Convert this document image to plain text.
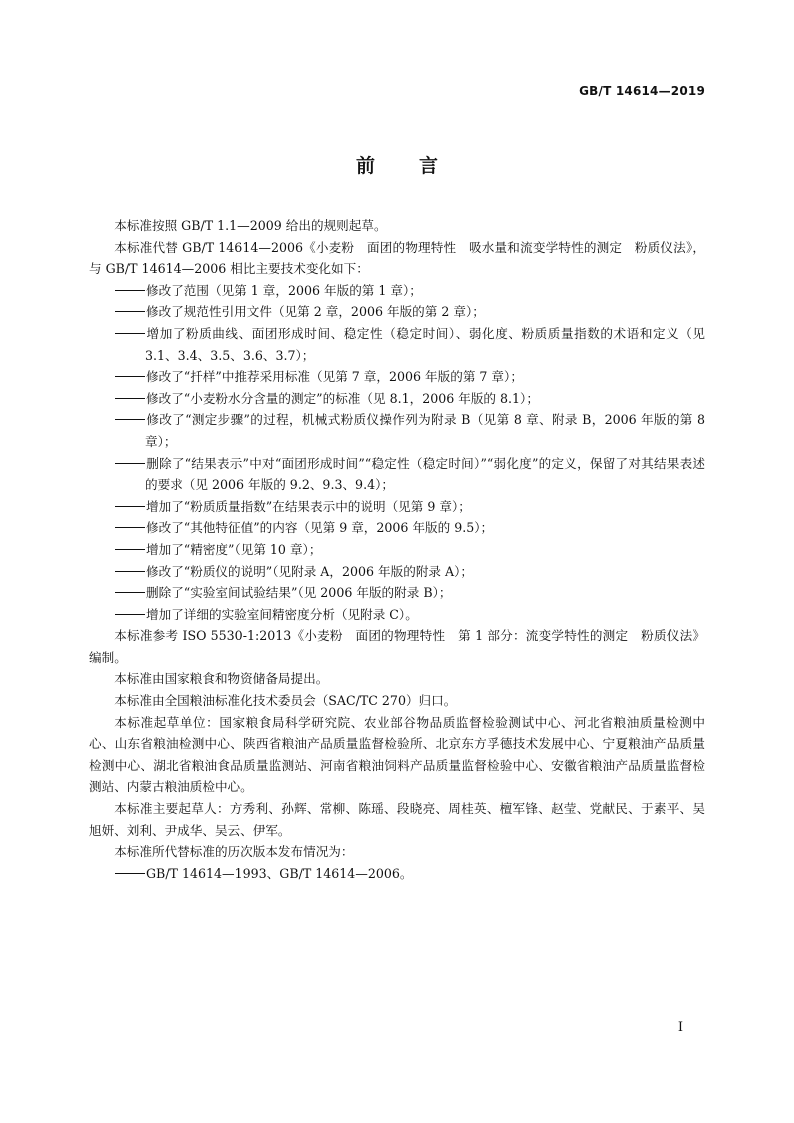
GB/T 14614—2019
前言

本标准按照 GB/T 1.1—2009 给出的规则起草。

本标准代替 GB/T 14614—2006《小麦粉　面团的物理特性　吸水量和流变学特性的测定　粉质仪法》，与 GB/T 14614—2006 相比主要技术变化如下：

修改了范围（见第 1 章，2006 年版的第 1 章）；

修改了规范性引用文件（见第 2 章，2006 年版的第 2 章）；

增加了粉质曲线、面团形成时间、稳定性（稳定时间）、弱化度、粉质质量指数的术语和定义（见 3.1、3.4、3.5、3.6、3.7）；

修改了“扦样”中推荐采用标准（见第 7 章，2006 年版的第 7 章）；

修改了“小麦粉水分含量的测定”的标准（见 8.1，2006 年版的 8.1）；

修改了“测定步骤”的过程，机械式粉质仪操作列为附录 B（见第 8 章、附录 B，2006 年版的第 8 章）；

删除了“结果表示”中对“面团形成时间”“稳定性（稳定时间）”“弱化度”的定义，保留了对其结果表述的要求（见 2006 年版的 9.2、9.3、9.4）；

增加了“粉质质量指数”在结果表示中的说明（见第 9 章）；

修改了“其他特征值”的内容（见第 9 章，2006 年版的 9.5）；

增加了“精密度”（见第 10 章）；

修改了“粉质仪的说明”（见附录 A，2006 年版的附录 A）；

删除了“实验室间试验结果”（见 2006 年版的附录 B）；

增加了详细的实验室间精密度分析（见附录 C）。

本标准参考 ISO 5530-1:2013《小麦粉　面团的物理特性　第 1 部分：流变学特性的测定　粉质仪法》编制。

本标准由国家粮食和物资储备局提出。

本标准由全国粮油标准化技术委员会（SAC/TC 270）归口。

本标准起草单位：国家粮食局科学研究院、农业部谷物品质监督检验测试中心、河北省粮油质量检测中心、山东省粮油检测中心、陕西省粮油产品质量监督检验所、北京东方孚德技术发展中心、宁夏粮油产品质量检测中心、湖北省粮油食品质量监测站、河南省粮油饲料产品质量监督检验中心、安徽省粮油产品质量监督检测站、内蒙古粮油质检中心。

本标准主要起草人：方秀利、孙辉、常柳、陈瑶、段晓亮、周桂英、檀军锋、赵莹、党献民、于素平、吴旭妍、刘利、尹成华、吴云、伊军。

本标准所代替标准的历次版本发布情况为：

GB/T 14614—1993、GB/T 14614—2006。

I
